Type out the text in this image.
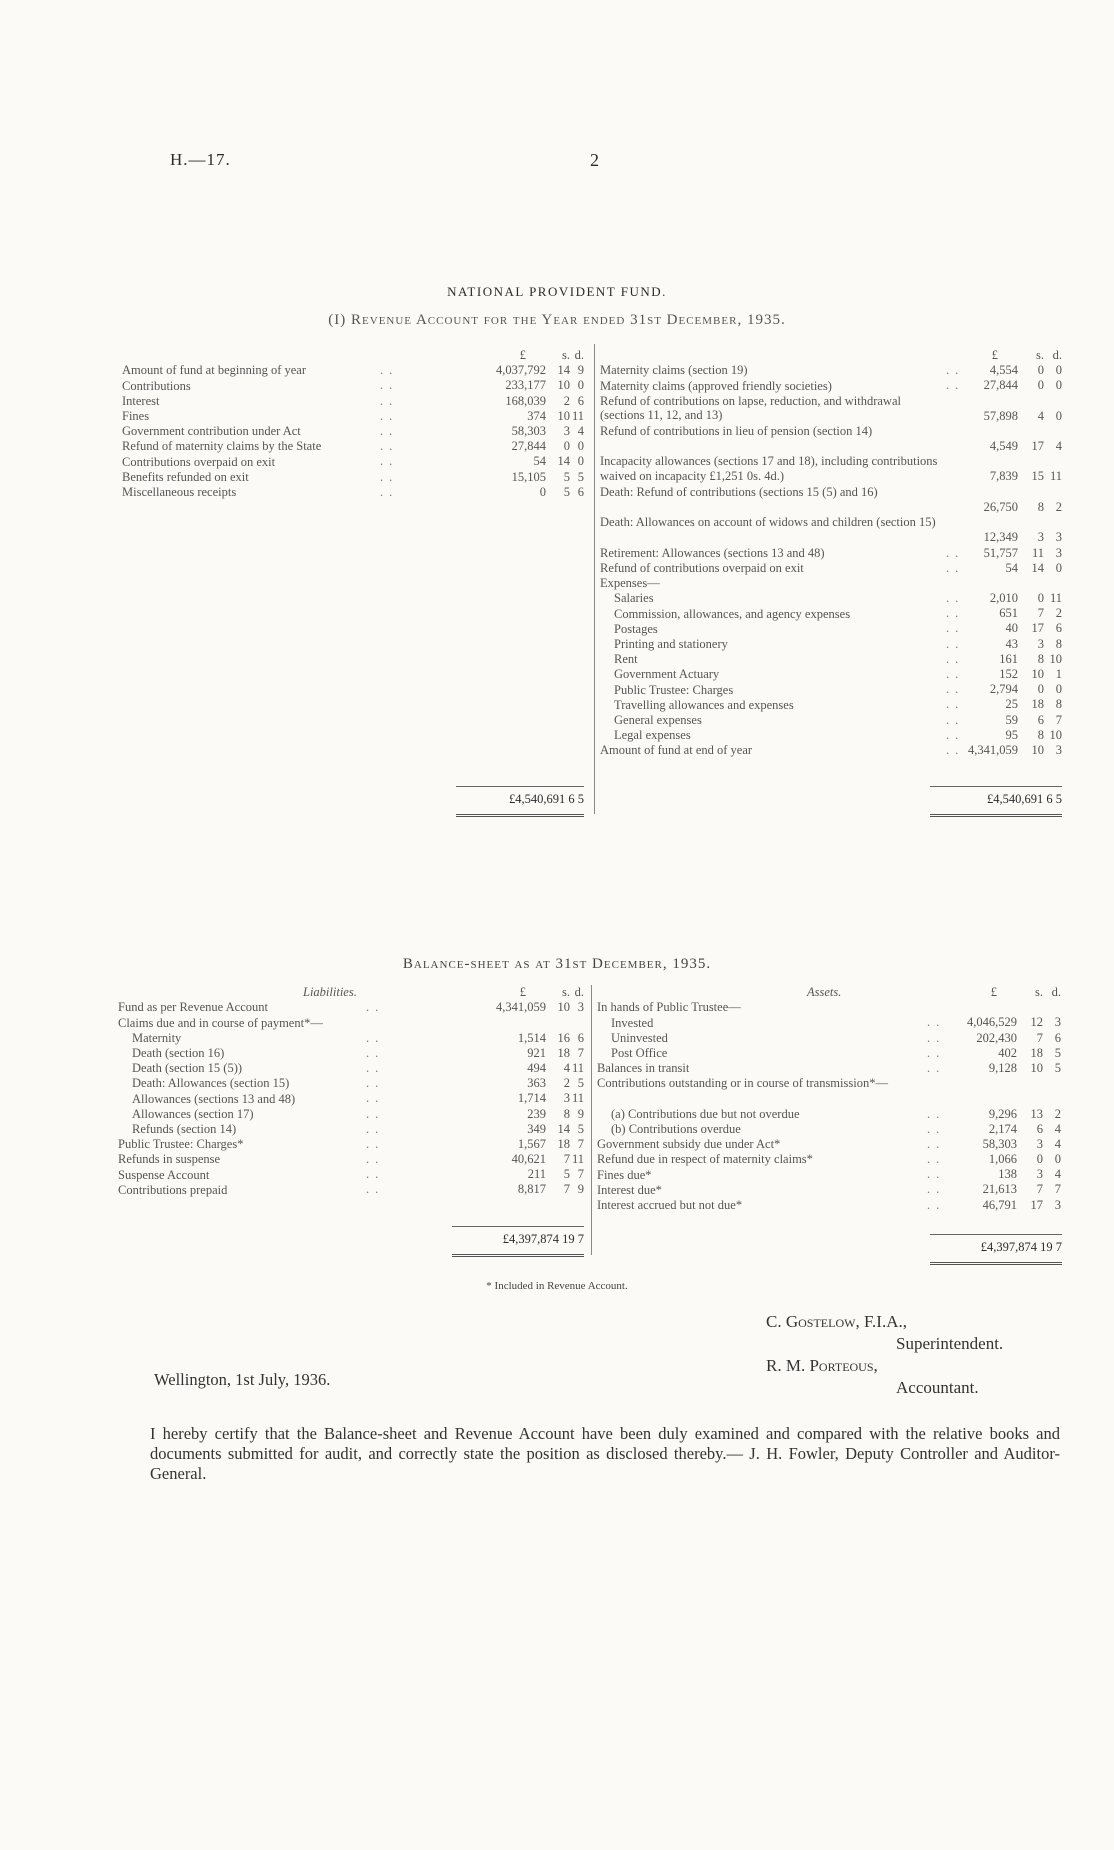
H.—17.	2
NATIONAL PROVIDENT FUND.
(I) Revenue Account for the Year ended 31st December, 1935.
£	s. d.
Amount of fund at beginning of year	..	4,037,792 14 9
Contributions	..	233,177 10 0
Interest	..	168,039 2 6
Fines	..	374 10 11
Government contribution under Act	..	58,303 3 4
Refund of maternity claims by the State	..	27,844 0 0
Contributions overpaid on exit	..	54 14 0
Benefits refunded on exit	..	15,105 5 5
Miscellaneous receipts	..	0 5 6
£	s. d.
Maternity claims (section 19)	.. 4,554 0 0
Maternity claims (approved friendly societies)	.. 27,844 0 0
Refund of contributions on lapse, reduction, and withdrawal (sections 11, 12, and 13)	57,898 4 0
Refund of contributions in lieu of pension (section 14)
4,549 17 4
Incapacity allowances (sections 17 and 18), including contributions waived on incapacity £1,251 0s. 4d.)	7,839 15 11
Death: Refund of contributions (sections 15 (5) and 16)
26,750 8 2
Death: Allowances on account of widows and children (section 15)
12,349 3 3
Retirement: Allowances (sections 13 and 48)	.. 51,757 11 3
Refund of contributions overpaid on exit	..	54 14 0
Expenses—
Salaries	.. 2,010 0 11
Commission, allowances, and agency expenses	..	651 7 2
Postages	..	40 17 6
Printing and stationery	..	43 3 8
Rent	..	161 8 10
Government Actuary	..	152 10 1
Public Trustee: Charges	.. 2,794 0 0
Travelling allowances and expenses	..	25 18 8
General expenses	..	59 6 7
Legal expenses	..	95 8 10
Amount of fund at end of year	.. 4,341,059 10 3
Balance-sheet as at 31st December, 1935.
Liabilities.	£	s. d.
Fund as per Revenue Account	..	4,341,059 10 3
Claims due and in course of payment*—
Maternity	..	1,514 16 6
Death (section 16)	..	921 18 7
Death (section 15 (5))	..	494 4 11
Death: Allowances (section 15)	..	363 2 5
Allowances (sections 13 and 48)	..	1,714 3 11
Allowances (section 17)	..	239 8 9
Refunds (section 14)	..	349 14 5
Public Trustee: Charges*	..	1,567 18 7
Refunds in suspense	..	40,621 7 11
Suspense Account	..	211 5 7
Contributions prepaid	..	8,817 7 9
Assets.	£	s. d.
In hands of Public Trustee—
Invested	.. 4,046,529 12 3
Uninvested	.. 202,430 7 6
Post Office	..	402 18 5
Balances in transit	..	9,128 10 5
Contributions outstanding or in course of transmission*—
(a) Contributions due but not overdue	..	9,296 13 2
(b) Contributions overdue	..	2,174 6 4
Government subsidy due under Act*	..	58,303 3 4
Refund due in respect of maternity claims*	..	1,066 0 0
Fines due*	..	138 3 4
Interest due*	..	21,613 7 7
Interest accrued but not due*	..	46,791 17 3
* Included in Revenue Account.
C. Gostelow, F.I.A.,
Superintendent.
R. M. Porteous,
Accountant.
Wellington, 1st July, 1936.
I hereby certify that the Balance-sheet and Revenue Account have been duly examined and compared with the relative books and documents submitted for audit, and correctly state the position as disclosed thereby.— J. H. Fowler, Deputy Controller and Auditor-General.
£4,540,691 6 5	£4,540,691 6 5
£4,397,874 19 7
£4,397,874 19 7
